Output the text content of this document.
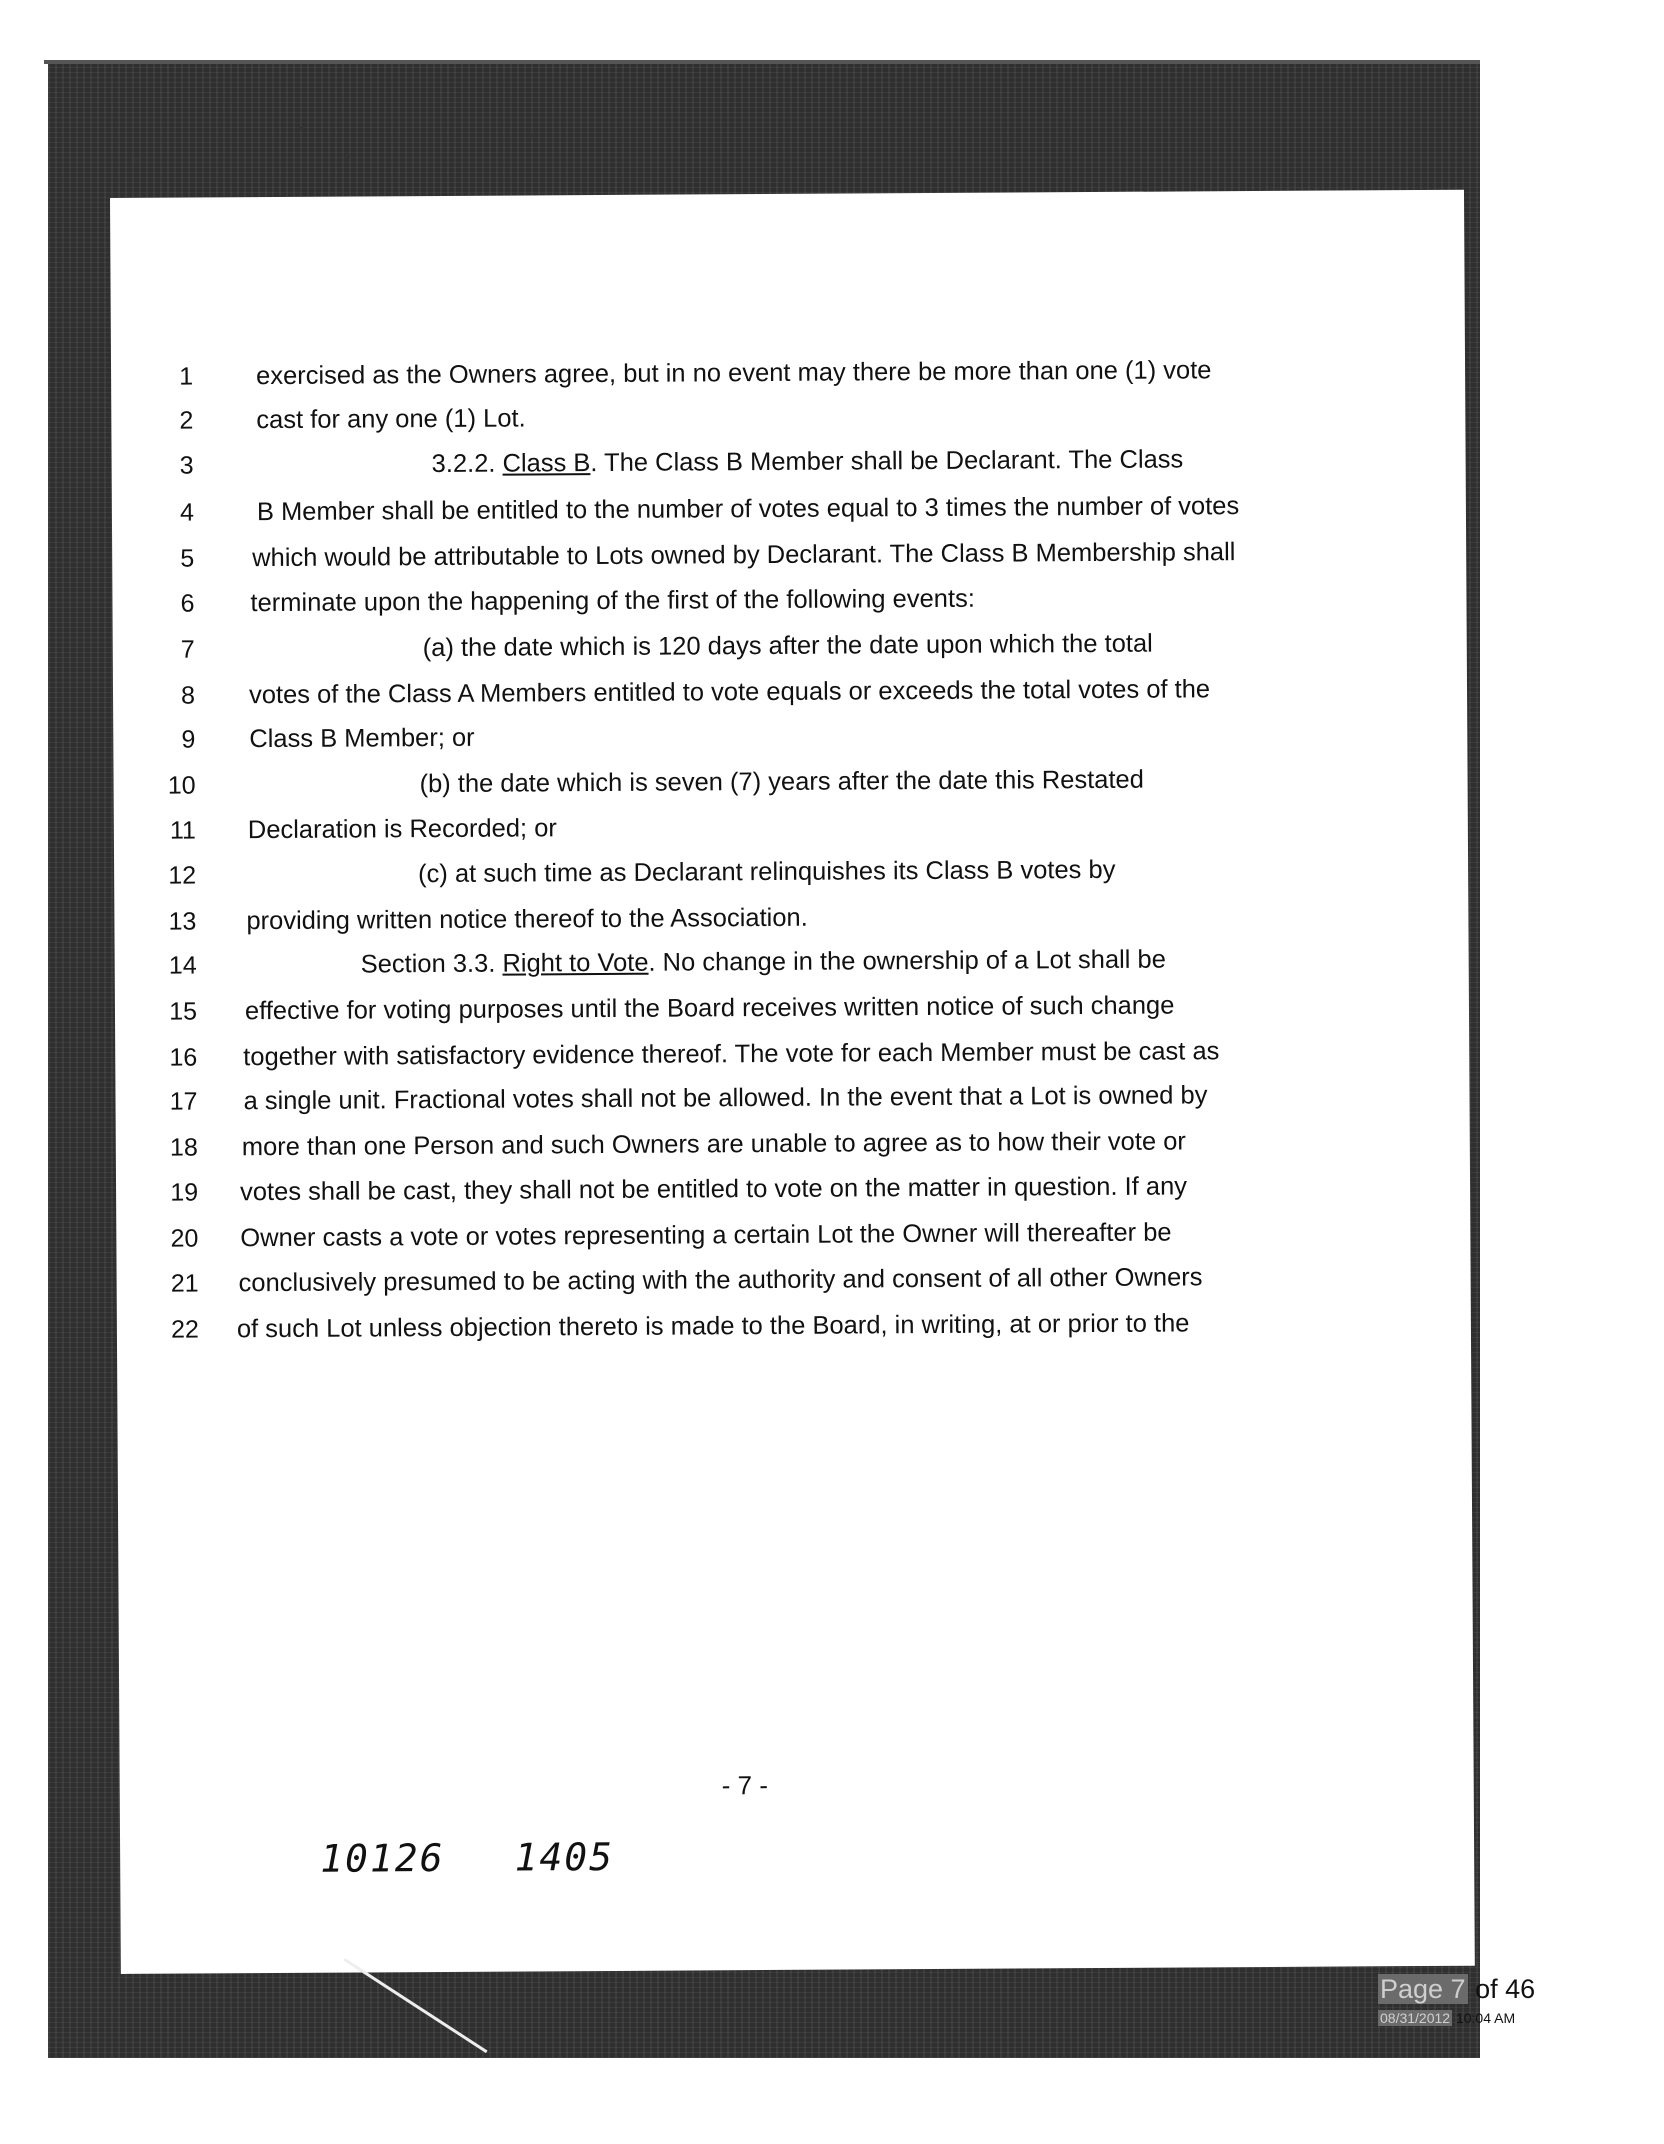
1 exercised as the Owners agree, but in no event may there be more than one (1) vote
2 cast for any one (1) Lot.
3	3.2.2. Class B. The Class B Member shall be Declarant. The Class
4 B Member shall be entitled to the number of votes equal to 3 times the number of votes
5 which would be attributable to Lots owned by Declarant. The Class B Membership shall
6 terminate upon the happening of the first of the following events:
7	(a) the date which is 120 days after the date upon which the total
8 votes of the Class A Members entitled to vote equals or exceeds the total votes of the
9 Class B Member; or
10	(b) the date which is seven (7) years after the date this Restated
11 Declaration is Recorded; or
12	(c) at such time as Declarant relinquishes its Class B votes by
13 providing written notice thereof to the Association.
14	Section 3.3. Right to Vote. No change in the ownership of a Lot shall be
15 effective for voting purposes until the Board receives written notice of such change
16 together with satisfactory evidence thereof. The vote for each Member must be cast as
17 a single unit. Fractional votes shall not be allowed. In the event that a Lot is owned by
18 more than one Person and such Owners are unable to agree as to how their vote or
19 votes shall be cast, they shall not be entitled to vote on the matter in question. If any
20 Owner casts a vote or votes representing a certain Lot the Owner will thereafter be
21 conclusively presumed to be acting with the authority and consent of all other Owners
22 of such Lot unless objection thereto is made to the Board, in writing, at or prior to the
- 7 -
10126 1405
Page 7 of 46
08/31/2012 10:04 AM
